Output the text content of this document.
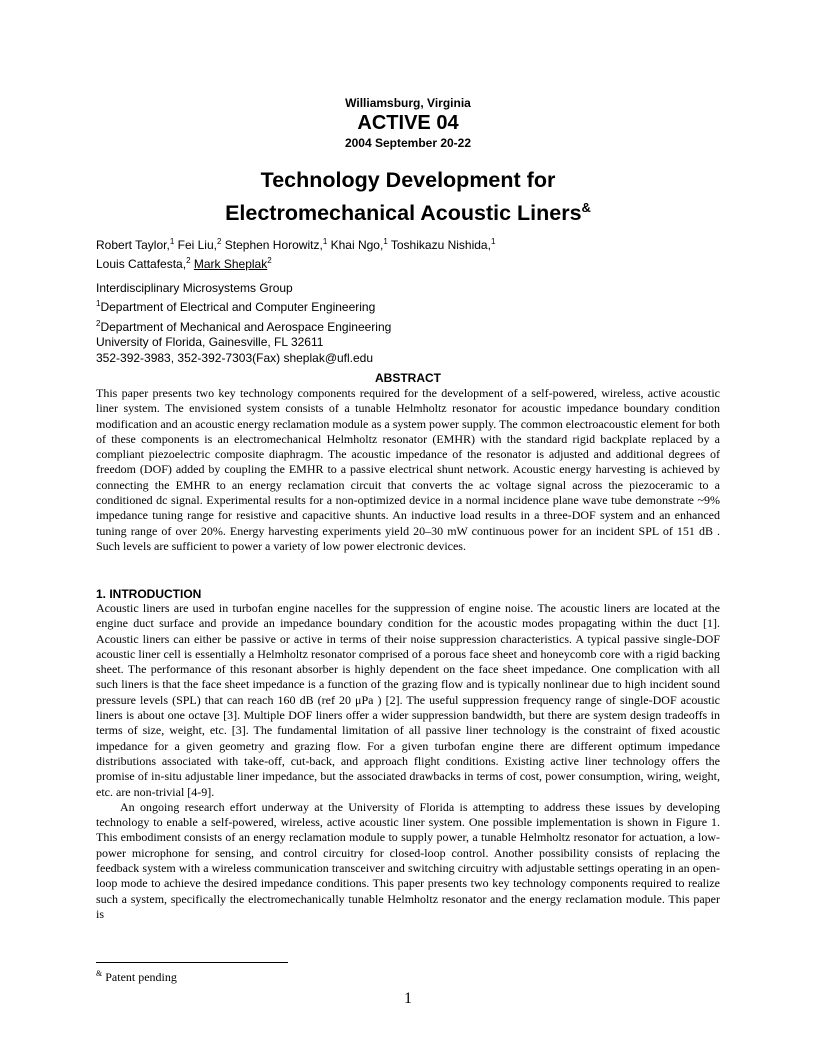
Williamsburg, Virginia
ACTIVE 04
2004 September 20-22
Technology Development for
Electromechanical Acoustic Liners&
Robert Taylor,$^1$ Fei Liu,$^2$ Stephen Horowitz,$^1$ Khai Ngo,$^1$ Toshikazu Nishida,$^1$
Louis Cattafesta,$^2$ Mark Sheplak$^2$
Interdisciplinary Microsystems Group
$^1$Department of Electrical and Computer Engineering
$^2$Department of Mechanical and Aerospace Engineering
University of Florida, Gainesville, FL 32611
352-392-3983, 352-392-7303(Fax) sheplak@ufl.edu
ABSTRACT
This paper presents two key technology components required for the development of a self-powered, wireless, active acoustic liner system. The envisioned system consists of a tunable Helmholtz resonator for acoustic impedance boundary condition modification and an acoustic energy reclamation module as a system power supply. The common electroacoustic element for both of these components is an electromechanical Helmholtz resonator (EMHR) with the standard rigid backplate replaced by a compliant piezoelectric composite diaphragm. The acoustic impedance of the resonator is adjusted and additional degrees of freedom (DOF) added by coupling the EMHR to a passive electrical shunt network. Acoustic energy harvesting is achieved by connecting the EMHR to an energy reclamation circuit that converts the ac voltage signal across the piezoceramic to a conditioned dc signal. Experimental results for a non-optimized device in a normal incidence plane wave tube demonstrate ~9% impedance tuning range for resistive and capacitive shunts. An inductive load results in a three-DOF system and an enhanced tuning range of over 20%. Energy harvesting experiments yield 20–30 mW continuous power for an incident SPL of 151 dB . Such levels are sufficient to power a variety of low power electronic devices.
1. INTRODUCTION

Acoustic liners are used in turbofan engine nacelles for the suppression of engine noise. The acoustic liners are located at the engine duct surface and provide an impedance boundary condition for the acoustic modes propagating within the duct [1]. Acoustic liners can either be passive or active in terms of their noise suppression characteristics. A typical passive single-DOF acoustic liner cell is essentially a Helmholtz resonator comprised of a porous face sheet and honeycomb core with a rigid backing sheet. The performance of this resonant absorber is highly dependent on the face sheet impedance. One complication with all such liners is that the face sheet impedance is a function of the grazing flow and is typically nonlinear due to high incident sound pressure levels (SPL) that can reach 160 dB (ref 20 μPa ) [2]. The useful suppression frequency range of single-DOF acoustic liners is about one octave [3]. Multiple DOF liners offer a wider suppression bandwidth, but there are system design tradeoffs in terms of size, weight, etc. [3]. The fundamental limitation of all passive liner technology is the constraint of fixed acoustic impedance for a given geometry and grazing flow. For a given turbofan engine there are different optimum impedance distributions associated with take-off, cut-back, and approach flight conditions. Existing active liner technology offers the promise of in-situ adjustable liner impedance, but the associated drawbacks in terms of cost, power consumption, wiring, weight, etc. are non-trivial [4-9].

An ongoing research effort underway at the University of Florida is attempting to address these issues by developing technology to enable a self-powered, wireless, active acoustic liner system. One possible implementation is shown in Figure 1. This embodiment consists of an energy reclamation module to supply power, a tunable Helmholtz resonator for actuation, a low-power microphone for sensing, and control circuitry for closed-loop control. Another possibility consists of replacing the feedback system with a wireless communication transceiver and switching circuitry with adjustable settings operating in an open-loop mode to achieve the desired impedance conditions. This paper presents two key technology components required to realize such a system, specifically the electromechanically tunable Helmholtz resonator and the energy reclamation module. This paper is

& Patent pending
1
